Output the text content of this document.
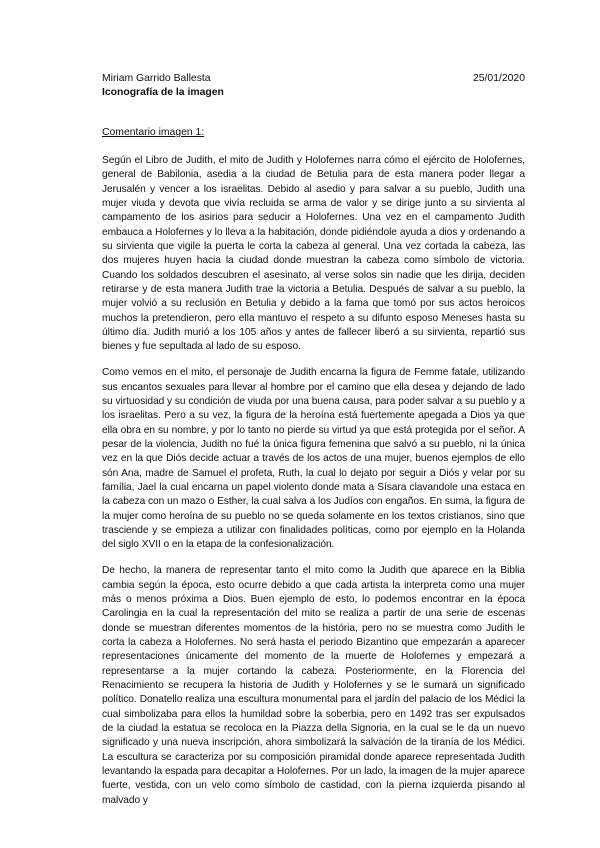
Miriam Garrido Ballesta	25/01/2020
Iconografía de la imagen
Comentario imagen 1:

Según el Libro de Judith, el mito de Judith y Holofernes narra cómo el ejército de Holofernes, general de Babilonia, asedia a la ciudad de Betulia para de esta manera poder llegar a Jerusalén y vencer a los israelitas. Debido al asedio y para salvar a su pueblo, Judith una mujer viuda y devota que vivía recluida se arma de valor y se dirige junto a su sirvienta al campamento de los asirios para seducir a Holofernes. Una vez en el campamento Judith embauca a Holofernes y lo lleva a la habitación, donde pidiéndole ayuda a dios y ordenando a su sirvienta que vigile la puerta le corta la cabeza al general. Una vez cortada la cabeza, las dos mujeres huyen hacia la ciudad donde muestran la cabeza como símbolo de victoria. Cuando los soldados descubren el asesinato, al verse solos sin nadie que les dirija, deciden retirarse y de esta manera Judith trae la victoria a Betulia. Después de salvar a su pueblo, la mujer volvió a su reclusión en Betulia y debido a la fama que tomó por sus actos heroicos muchos la pretendieron, pero ella mantuvo el respeto a su difunto esposo Meneses hasta su último día. Judith murió a los 105 años y antes de fallecer liberó a su sirvienta, repartió sus bienes y fue sepultada al lado de su esposo.

Como vemos en el mito, el personaje de Judith encarna la figura de Femme fatale, utilizando sus encantos sexuales para llevar al hombre por el camino que ella desea y dejando de lado su virtuosidad y su condición de viuda por una buena causa, para poder salvar a su pueblo y a los israelitas. Pero a su vez, la figura de la heroína está fuertemente apegada a Dios ya que ella obra en su nombre, y por lo tanto no pierde su virtud ya que está protegida por el señor. A pesar de la violencia, Judith no fué la única figura femenina que salvó a su pueblo, ni la única vez en la que Diós decide actuar a través de los actos de una mujer, buenos ejemplos de ello són Ana, madre de Samuel el profeta, Ruth, la cual lo dejato por seguir a Diós y velar por su família, Jael la cual encarna un papel violento donde mata a Sísara clavandole una estaca en la cabeza con un mazo o Esther, la cual salva a los Judíos con engaños. En suma, la figura de la mujer como heroína de su pueblo no se queda solamente en los textos cristianos, sino que trasciende y se empieza a utilizar con finalidades políticas, como por ejemplo en la Holanda del siglo XVII o en la etapa de la confesionalización.

De hecho, la manera de representar tanto el mito como la Judith que aparece en la Biblia cambia según la época, esto ocurre debido a que cada artista la interpreta como una mujer más o menos próxima a Dios. Buen ejemplo de esto, lo podemos encontrar en la época Carolingia en la cual la representación del mito se realiza a partir de una serie de escenas donde se muestran diferentes momentos de la história, pero no se muestra como Judith le corta la cabeza a Holofernes. No será hasta el periodo Bizantino que empezarán a aparecer representaciones únicamente del momento de la muerte de Holofernes y empezará a representarse a la mujer cortando la cabeza. Posteriormente, en la Florencia del Renacimiento se recupera la historia de Judith y Holofernes y se le sumará un significado político. Donatello realiza una escultura monumental para el jardín del palacio de los Médici la cual simbolizaba para ellos la humildad sobre la soberbia, pero en 1492 tras ser expulsados de la ciudad la estatua se recoloca en la Piazza della Signoria, en la cual se le da un nuevo significado y una nueva inscripción, ahora simbolizará la salvación de la tiranía de los Médici. La escultura se caracteriza por su composición piramidal donde aparece representada Judith levantando la espada para decapitar a Holofernes. Por un lado, la imagen de la mujer aparece fuerte, vestida, con un velo como símbolo de castidad, con la pierna izquierda pisando al malvado y
